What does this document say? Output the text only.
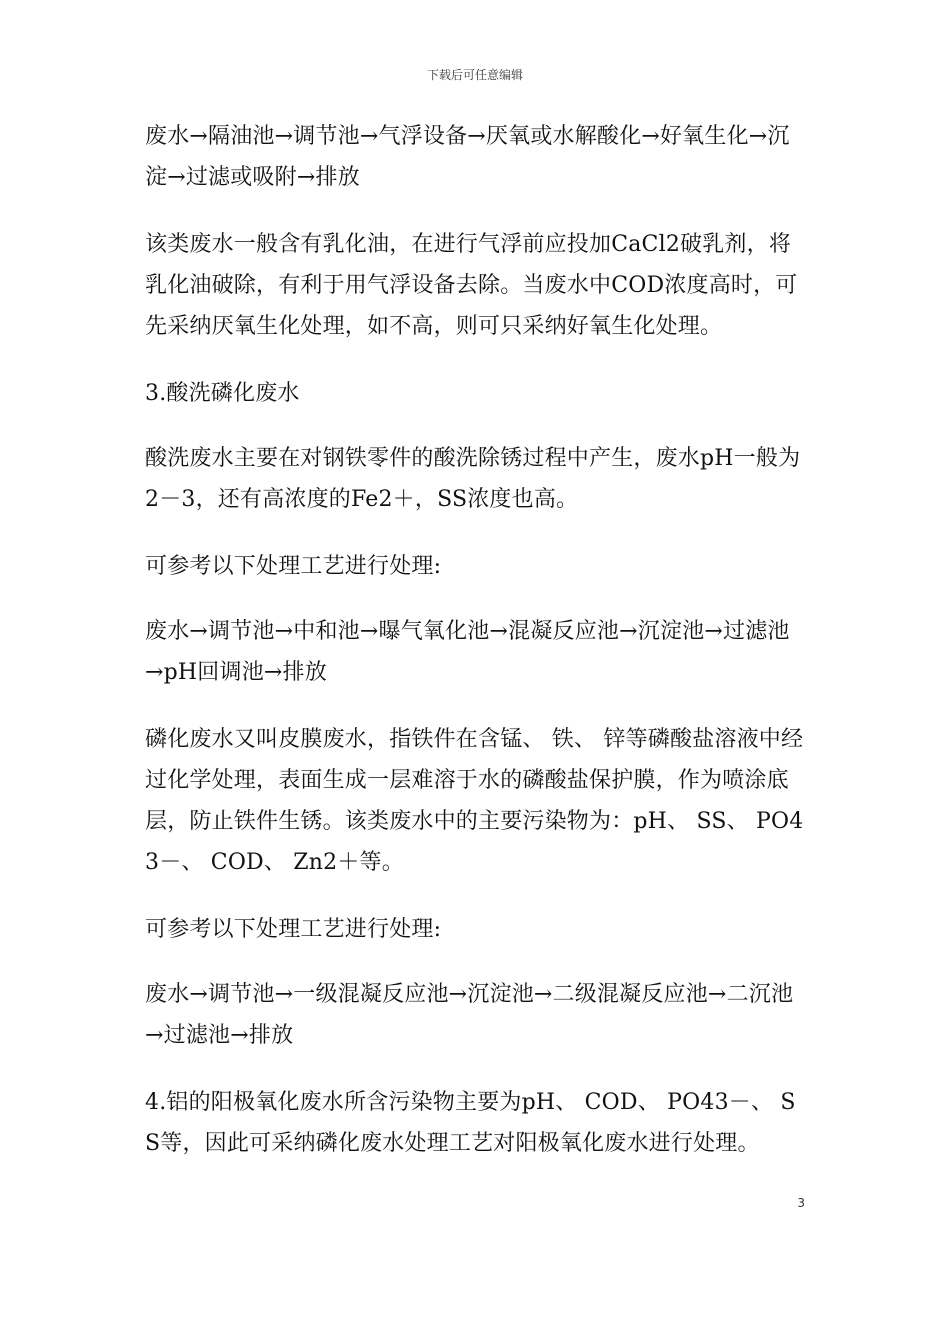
下载后可任意编辑

废水→隔油池→调节池→气浮设备→厌氧或水解酸化→好氧生化→沉淀→过滤或吸附→排放

该类废水一般含有乳化油，在进行气浮前应投加CaCl2破乳剂，将乳化油破除，有利于用气浮设备去除。当废水中COD浓度高时，可先采纳厌氧生化处理，如不高，则可只采纳好氧生化处理。

3.酸洗磷化废水

酸洗废水主要在对钢铁零件的酸洗除锈过程中产生，废水pH一般为2－3，还有高浓度的Fe2＋，SS浓度也高。

可参考以下处理工艺进行处理:

废水→调节池→中和池→曝气氧化池→混凝反应池→沉淀池→过滤池→pH回调池→排放

磷化废水又叫皮膜废水，指铁件在含锰、 铁、 锌等磷酸盐溶液中经过化学处理，表面生成一层难溶于水的磷酸盐保护膜，作为喷涂底层，防止铁件生锈。该类废水中的主要污染物为：pH、 SS、 PO43－、 COD、 Zn2＋等。

可参考以下处理工艺进行处理:

废水→调节池→一级混凝反应池→沉淀池→二级混凝反应池→二沉池→过滤池→排放

4.铝的阳极氧化废水所含污染物主要为pH、 COD、 PO43－、 SS等，因此可采纳磷化废水处理工艺对阳极氧化废水进行处理。

3
